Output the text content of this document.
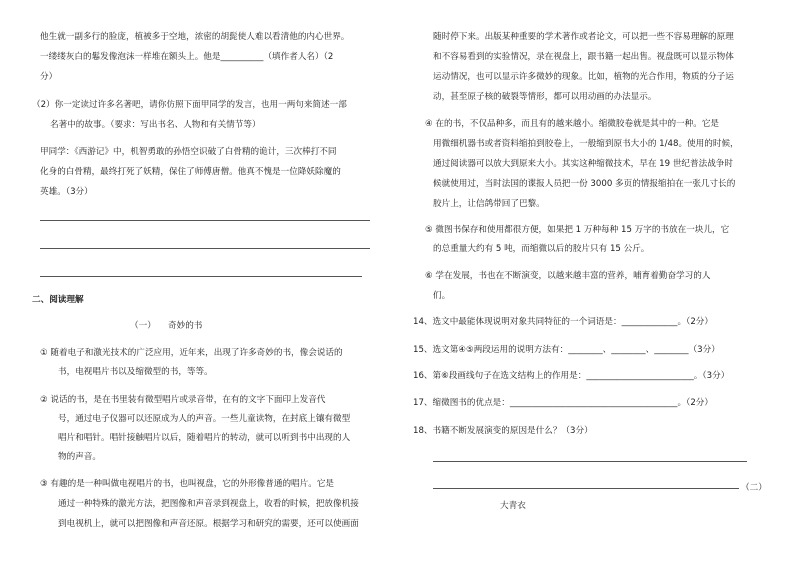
他生就一副多行的脸庞，植被多于空地，浓密的胡髭使人难以看清他的内心世界。
一缕缕灰白的鬈发像泡沫一样堆在额头上。他是__________（填作者人名）（2
分）
（2）你一定读过许多名著吧，请你仿照下面甲同学的发言，也用一两句来简述一部
名著中的故事。（要求：写出书名、人物和有关情节等）
甲同学：《西游记》中，机智勇敢的孙悟空识破了白骨精的诡计，三次棒打不同
化身的白骨精，最终打死了妖精，保住了师傅唐僧。他真不愧是一位降妖除魔的
英雄。（3分）
二、阅读理解
（一） 奇妙的书
① 随着电子和激光技术的广泛应用，近年来，出现了许多奇妙的书，像会说话的
书，电视唱片书以及缩微型的书，等等。
② 说话的书，是在书里装有微型唱片或录音带，在有的文字下面印上发音代
号，通过电子仪器可以还原成为人的声音。一些儿童读物，在封底上镶有微型
唱片和唱针。唱针接触唱片以后，随着唱片的转动，就可以听到书中出现的人
物的声音。
③ 有趣的是一种叫做电视唱片的书，也叫视盘，它的外形像普通的唱片。它是
通过一种特殊的激光方法，把图像和声音录到视盘上，收看的时候，把放像机接
到电视机上，就可以把图像和声音还原。根据学习和研究的需要，还可以使画面
随时停下来。出版某种重要的学术著作或者论文，可以把一些不容易理解的原理
和不容易看到的实验情况，录在视盘上，跟书籍一起出售。视盘既可以显示物体
运动情况，也可以显示许多微妙的现象。比如，植物的光合作用，物质的分子运
动，甚至原子核的破裂等情形，都可以用动画的办法显示。
④ 在的书，不仅品种多，而且有的越来越小。缩微胶卷就是其中的一种。它是
用微细机器书或者资料缩拍到胶卷上，一般缩到原书大小的 1/48。使用的时候，
通过阅读器可以放大到原来大小。其实这种缩微技术，早在 19 世纪普法战争时
候就使用过，当时法国的谍报人员把一份 3000 多页的情报缩拍在一张几寸长的
胶片上，让信鸽带回了巴黎。
⑤ 微图书保存和使用都很方便，如果把 1 万种每种 15 万字的书放在一块儿，它
的总重量大约有 5 吨，而缩微以后的胶片只有 15 公斤。
⑥ 学在发展，书也在不断演变，以越来越丰富的营养，哺育着勤奋学习的人
们。
14、选文中最能体现说明对象共同特征的一个词语是：_____________。（2分）
15、选文第④⑤两段运用的说明方法有：________、________、________（3分）
16、第⑥段画线句子在选文结构上的作用是：_________________________。（3分）
17、缩微图书的优点是：_______________________________________。（2分）
18、书籍不断发展演变的原因是什么？（3分）
（二）
大青衣
